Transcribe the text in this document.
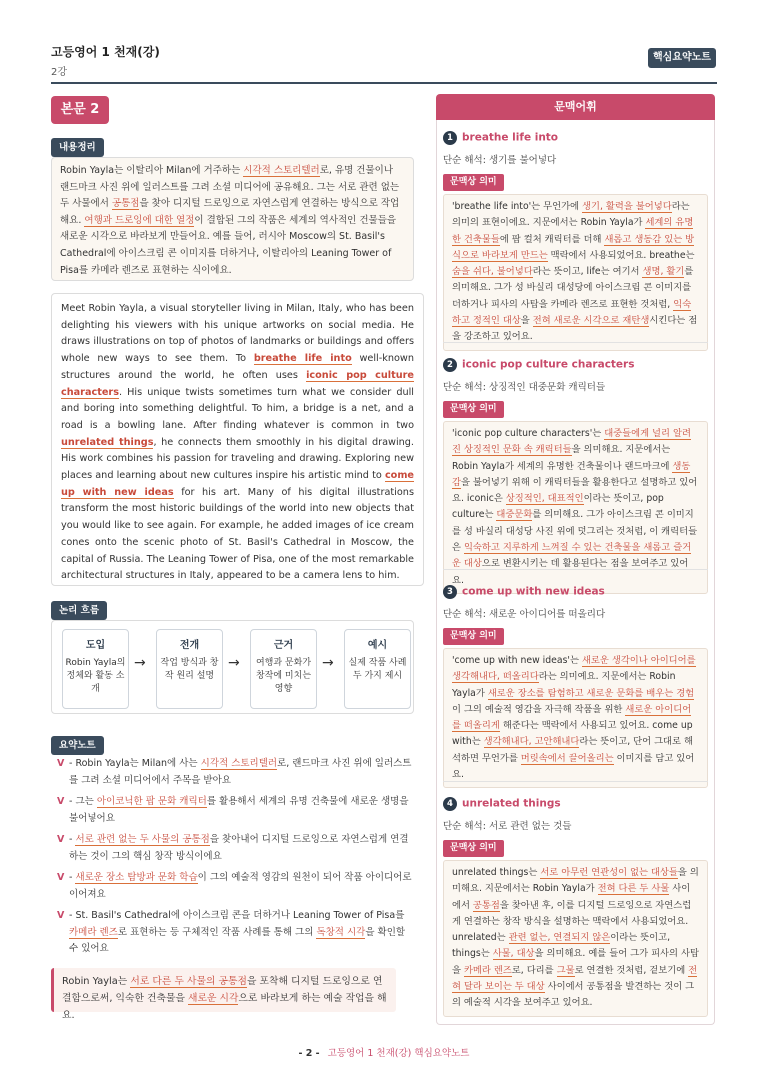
고등영어 1 천재(강)
2강
핵심요약노트
본문 2
내용정리
Robin Yayla는 이탈리아 Milan에 거주하는 시각적 스토리텔러로, 유명 건물이나 랜드마크 사진 위에 일러스트를 그려 소셜 미디어에 공유해요. 그는 서로 관련 없는 두 사물에서 공통점을 찾아 디지털 드로잉으로 자연스럽게 연결하는 방식으로 작업해요. 여행과 드로잉에 대한 열정이 결합된 그의 작품은 세계의 역사적인 건물들을 새로운 시각으로 바라보게 만들어요. 예를 들어, 러시아 Moscow의 St. Basil's Cathedral에 아이스크림 콘 이미지를 더하거나, 이탈리아의 Leaning Tower of Pisa를 카메라 렌즈로 표현하는 식이에요.
Meet Robin Yayla, a visual storyteller living in Milan, Italy, who has been delighting his viewers with his unique artworks on social media. He draws illustrations on top of photos of landmarks or buildings and offers whole new ways to see them. To breathe life into well-known structures around the world, he often uses iconic pop culture characters. His unique twists sometimes turn what we consider dull and boring into something delightful. To him, a bridge is a net, and a road is a bowling lane. After finding whatever is common in two unrelated things, he connects them smoothly in his digital drawing. His work combines his passion for traveling and drawing. Exploring new places and learning about new cultures inspire his artistic mind to come up with new ideas for his art. Many of his digital illustrations transform the most historic buildings of the world into new objects that you would like to see again. For example, he added images of ice cream cones onto the scenic photo of St. Basil's Cathedral in Moscow, the capital of Russia. The Leaning Tower of Pisa, one of the most remarkable architectural structures in Italy, appeared to be a camera lens to him.
논리 흐름
도입
Robin Yayla의 정체와 활동 소개
→
전개
작업 방식과 창작 원리 설명
→
근거
여행과 문화가 창작에 미치는 영향
→
예시
실제 작품 사례 두 가지 제시
요약노트
V - Robin Yayla는 Milan에 사는 시각적 스토리텔러로, 랜드마크 사진 위에 일러스트를 그려 소셜 미디어에서 주목을 받아요
V - 그는 아이코닉한 팝 문화 캐릭터를 활용해서 세계의 유명 건축물에 새로운 생명을 불어넣어요
V - 서로 관련 없는 두 사물의 공통점을 찾아내어 디지털 드로잉으로 자연스럽게 연결하는 것이 그의 핵심 창작 방식이에요
V - 새로운 장소 탐방과 문화 학습이 그의 예술적 영감의 원천이 되어 작품 아이디어로 이어져요
V - St. Basil's Cathedral에 아이스크림 콘을 더하거나 Leaning Tower of Pisa를 카메라 렌즈로 표현하는 등 구체적인 작품 사례를 통해 그의 독창적 시각을 확인할 수 있어요
Robin Yayla는 서로 다른 두 사물의 공통점을 포착해 디지털 드로잉으로 연결함으로써, 익숙한 건축물을 새로운 시각으로 바라보게 하는 예술 작업을 해요.
문맥어휘
1 breathe life into
단순 해석: 생기를 불어넣다
문맥상 의미
'breathe life into'는 무언가에 생기, 활력을 불어넣다라는 의미의 표현이에요. 지문에서는 Robin Yayla가 세계의 유명한 건축물들에 팝 컬처 캐릭터를 더해 새롭고 생동감 있는 방식으로 바라보게 만드는 맥락에서 사용되었어요. breathe는 숨을 쉬다, 불어넣다라는 뜻이고, life는 여기서 생명, 활기를 의미해요. 그가 성 바실리 대성당에 아이스크림 콘 이미지를 더하거나 피사의 사탑을 카메라 렌즈로 표현한 것처럼, 익숙하고 정적인 대상을 전혀 새로운 시각으로 재탄생시킨다는 점을 강조하고 있어요.
2 iconic pop culture characters
단순 해석: 상징적인 대중문화 캐릭터들
문맥상 의미
'iconic pop culture characters'는 대중들에게 널리 알려진 상징적인 문화 속 캐릭터들을 의미해요. 지문에서는 Robin Yayla가 세계의 유명한 건축물이나 랜드마크에 생동감을 불어넣기 위해 이 캐릭터들을 활용한다고 설명하고 있어요. iconic은 상징적인, 대표적인이라는 뜻이고, pop culture는 대중문화를 의미해요. 그가 아이스크림 콘 이미지를 성 바실리 대성당 사진 위에 덧그리는 것처럼, 이 캐릭터들은 익숙하고 지루하게 느껴질 수 있는 건축물을 새롭고 즐거운 대상으로 변환시키는 데 활용된다는 점을 보여주고 있어요.
3 come up with new ideas
단순 해석: 새로운 아이디어를 떠올리다
문맥상 의미
'come up with new ideas'는 새로운 생각이나 아이디어를 생각해내다, 떠올리다라는 의미예요. 지문에서는 Robin Yayla가 새로운 장소를 탐험하고 새로운 문화를 배우는 경험이 그의 예술적 영감을 자극해 작품을 위한 새로운 아이디어를 떠올리게 해준다는 맥락에서 사용되고 있어요. come up with는 생각해내다, 고안해내다라는 뜻이고, 단어 그대로 해석하면 무언가를 머릿속에서 끌어올리는 이미지를 담고 있어요.
4 unrelated things
단순 해석: 서로 관련 없는 것들
문맥상 의미
unrelated things는 서로 아무런 연관성이 없는 대상들을 의미해요. 지문에서는 Robin Yayla가 전혀 다른 두 사물 사이에서 공통점을 찾아낸 후, 이를 디지털 드로잉으로 자연스럽게 연결하는 창작 방식을 설명하는 맥락에서 사용되었어요. unrelated는 관련 없는, 연결되지 않은이라는 뜻이고, things는 사물, 대상을 의미해요. 예를 들어 그가 피사의 사탑을 카메라 렌즈로, 다리를 그물로 연결한 것처럼, 겉보기에 전혀 달라 보이는 두 대상 사이에서 공통점을 발견하는 것이 그의 예술적 시각을 보여주고 있어요.
- 2 - 고등영어 1 천재(강) 핵심요약노트
